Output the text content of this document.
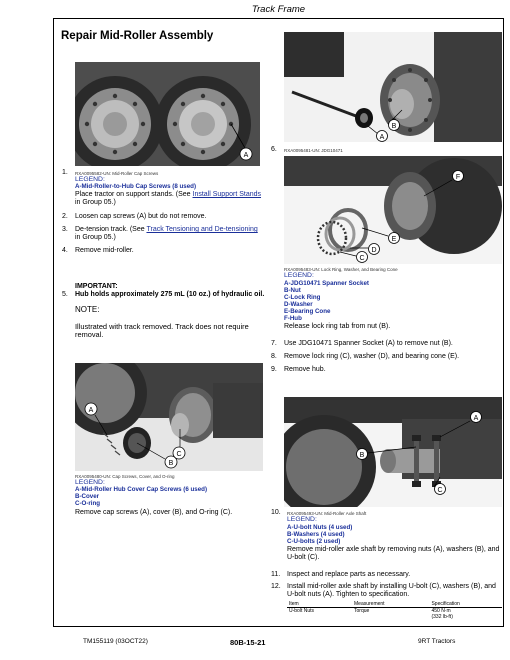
Track Frame
Repair Mid-Roller Assembly
A
1. RXA0095582-UN: Mid-Roller Cap Screws
LEGEND:
A-Mid-Roller-to-Hub Cap Screws (8 used)
Place tractor on support stands. (See Install Support Stands in Group 05.)
2. Loosen cap screws (A) but do not remove.
3. De-tension track. (See Track Tensioning and De-tensioning in Group 05.)
4. Remove mid-roller.
IMPORTANT:
5. Hub holds approximately 275 mL (10 oz.) of hydraulic oil.
NOTE:
Illustrated with track removed. Track does not require removal.
A
B
C
RXA0095480-UN: Cap Screws, Cover, and O-ring
LEGEND:
A-Mid-Roller Hub Cover Cap Screws (6 used)
B-Cover
C-O-ring
Remove cap screws (A), cover (B), and O-ring (C).
A
B
6. RXA0095481-UN: JDG10471
F
E
D
C
RXA0095483-UN: Lock Ring, Washer, and Bearing Cone
LEGEND:
A-JDG10471 Spanner Socket
B-Nut
C-Lock Ring
D-Washer
E-Bearing Cone
F-Hub
Release lock ring tab from nut (B).
7. Use JDG10471 Spanner Socket (A) to remove nut (B).
8. Remove lock ring (C), washer (D), and bearing cone (E).
9. Remove hub.
A
B
C
10. RXA0095493-UN: Mid-Roller Axle Shaft
LEGEND:
A-U-bolt Nuts (4 used)
B-Washers (4 used)
C-U-bolts (2 used)
Remove mid-roller axle shaft by removing nuts (A), washers (B), and U-bolt (C).
11. Inspect and replace parts as necessary.
12. Install mid-roller axle shaft by installing U-bolt (C), washers (B), and U-bolt nuts (A). Tighten to specification.
Item	Measurement	Specification
U-bolt Nuts	Torque	450 N·m
(332 lb-ft)
TM155119 (03OCT22)	80B-15-21	9RT Tractors
